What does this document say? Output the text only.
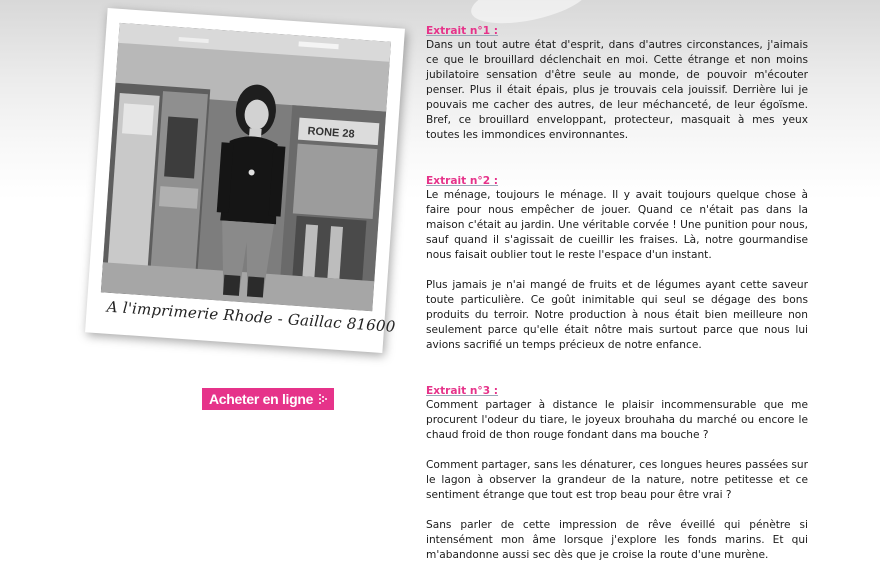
RONE 28
A l'imprimerie Rhode - Gaillac 81600
Acheter en ligne
Extrait n°1 :

Dans un tout autre état d'esprit, dans d'autres circonstances, j'aimais ce que le brouillard déclenchait en moi. Cette étrange et non moins jubilatoire sensation d'être seule au monde, de pouvoir m'écouter penser. Plus il était épais, plus je trouvais cela jouissif. Derrière lui je pouvais me cacher des autres, de leur méchanceté, de leur égoïsme. Bref, ce brouillard enveloppant, protecteur, masquait à mes yeux toutes les immondices environnantes.

Extrait n°2 :

Le ménage, toujours le ménage. Il y avait toujours quelque chose à faire pour nous empêcher de jouer. Quand ce n'était pas dans la maison c'était au jardin. Une véritable corvée ! Une punition pour nous, sauf quand il s'agissait de cueillir les fraises. Là, notre gourmandise nous faisait oublier tout le reste l'espace d'un instant.

Plus jamais je n'ai mangé de fruits et de légumes ayant cette saveur toute particulière. Ce goût inimitable qui seul se dégage des bons produits du terroir. Notre production à nous était bien meilleure non seulement parce qu'elle était nôtre mais surtout parce que nous lui avions sacrifié un temps précieux de notre enfance.

Extrait n°3 :

Comment partager à distance le plaisir incommensurable que me procurent l'odeur du tiare, le joyeux brouhaha du marché ou encore le chaud froid de thon rouge fondant dans ma bouche ?

Comment partager, sans les dénaturer, ces longues heures passées sur le lagon à observer la grandeur de la nature, notre petitesse et ce sentiment étrange que tout est trop beau pour être vrai ?

Sans parler de cette impression de rêve éveillé qui pénètre si intensément mon âme lorsque j'explore les fonds marins. Et qui m'abandonne aussi sec dès que je croise la route d'une murène.
